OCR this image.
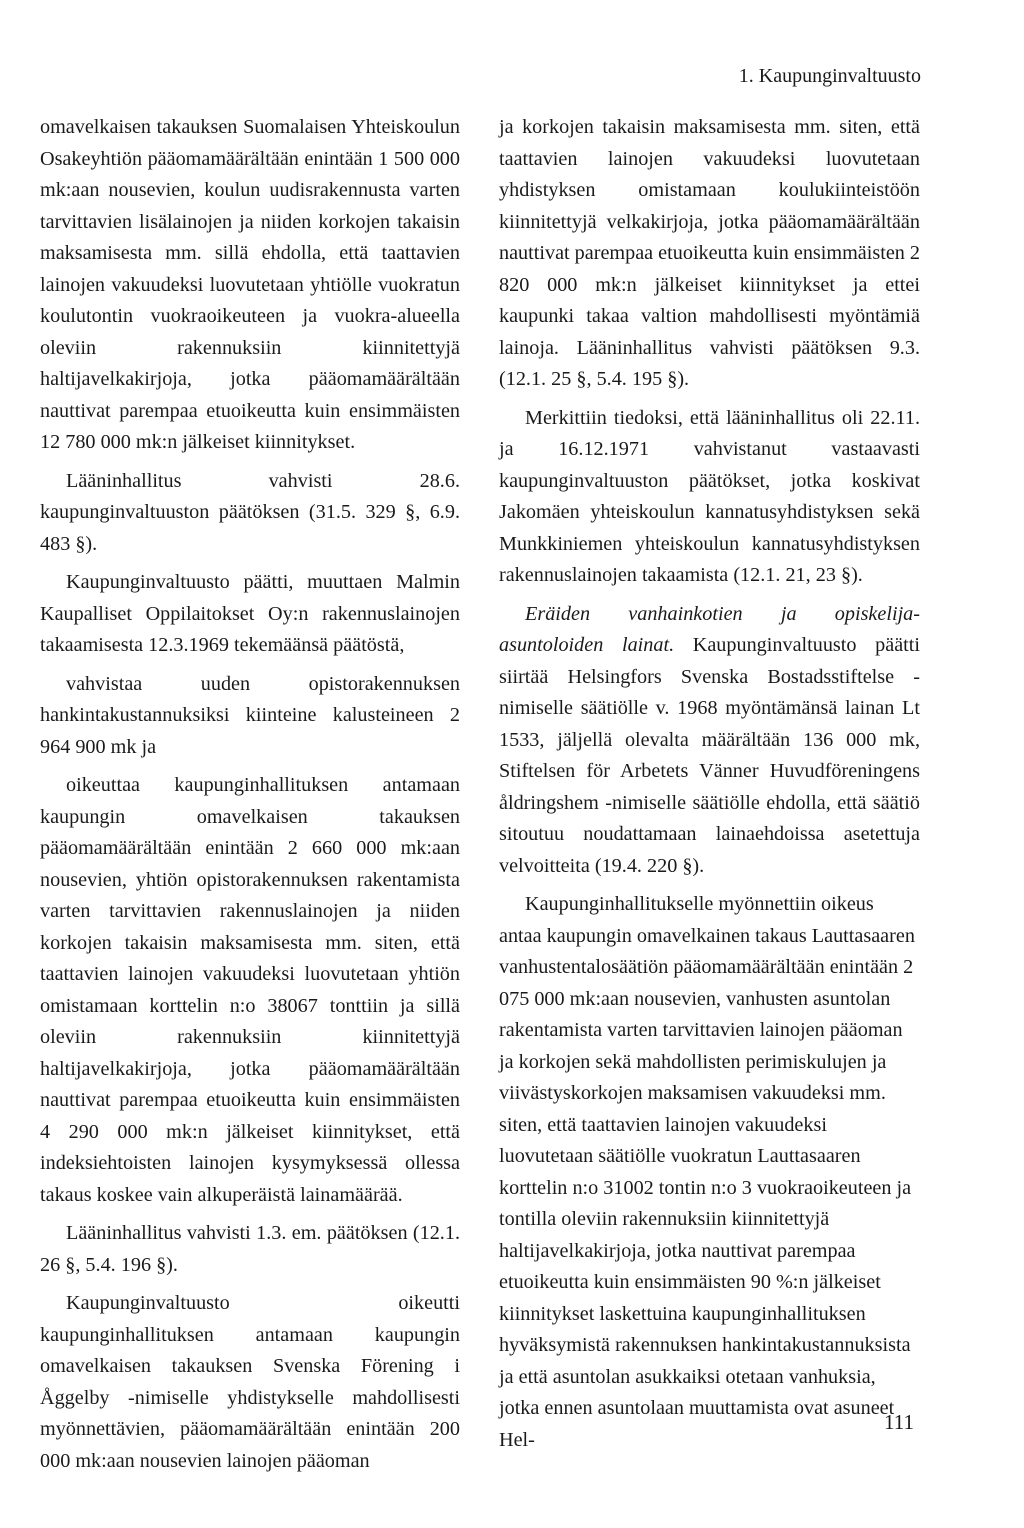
1. Kaupunginvaltuusto

omavelkaisen takauksen Suomalaisen Yhteiskoulun Osakeyhtiön pääomamäärältään enintään 1 500 000 mk:aan nousevien, koulun uudisrakennusta varten tarvittavien lisälainojen ja niiden korkojen takaisin maksamisesta mm. sillä ehdolla, että taattavien lainojen vakuudeksi luovutetaan yhtiölle vuokratun koulutontin vuokraoikeuteen ja vuokra-alueella oleviin rakennuksiin kiinnitettyjä haltijavelkakirjoja, jotka pääomamäärältään nauttivat parempaa etuoikeutta kuin ensimmäisten 12 780 000 mk:n jälkeiset kiinnitykset.

Lääninhallitus vahvisti 28.6. kaupunginvaltuuston päätöksen (31.5. 329 §, 6.9. 483 §).

Kaupunginvaltuusto päätti, muuttaen Malmin Kaupalliset Oppilaitokset Oy:n rakennuslainojen takaamisesta 12.3.1969 tekemäänsä päätöstä,

vahvistaa uuden opistorakennuksen hankintakustannuksiksi kiinteine kalusteineen 2 964 900 mk ja

oikeuttaa kaupunginhallituksen antamaan kaupungin omavelkaisen takauksen pääomamäärältään enintään 2 660 000 mk:aan nousevien, yhtiön opistorakennuksen rakentamista varten tarvittavien rakennuslainojen ja niiden korkojen takaisin maksamisesta mm. siten, että taattavien lainojen vakuudeksi luovutetaan yhtiön omistamaan korttelin n:o 38067 tonttiin ja sillä oleviin rakennuksiin kiinnitettyjä haltijavelkakirjoja, jotka pääomamäärältään nauttivat parempaa etuoikeutta kuin ensimmäisten 4 290 000 mk:n jälkeiset kiinnitykset, että indeksiehtoisten lainojen kysymyksessä ollessa takaus koskee vain alkuperäistä lainamäärää.

Lääninhallitus vahvisti 1.3. em. päätöksen (12.1. 26 §, 5.4. 196 §).

Kaupunginvaltuusto oikeutti kaupunginhallituksen antamaan kaupungin omavelkaisen takauksen Svenska Förening i Åggelby -nimiselle yhdistykselle mahdollisesti myönnettävien, pääomamäärältään enintään 200 000 mk:aan nousevien lainojen pääoman

ja korkojen takaisin maksamisesta mm. siten, että taattavien lainojen vakuudeksi luovutetaan yhdistyksen omistamaan koulukiinteistöön kiinnitettyjä velkakirjoja, jotka pääomamäärältään nauttivat parempaa etuoikeutta kuin ensimmäisten 2 820 000 mk:n jälkeiset kiinnitykset ja ettei kaupunki takaa valtion mahdollisesti myöntämiä lainoja. Lääninhallitus vahvisti päätöksen 9.3. (12.1. 25 §, 5.4. 195 §).

Merkittiin tiedoksi, että lääninhallitus oli 22.11. ja 16.12.1971 vahvistanut vastaavasti kaupunginvaltuuston päätökset, jotka koskivat Jakomäen yhteiskoulun kannatusyhdistyksen sekä Munkkiniemen yhteiskoulun kannatusyhdistyksen rakennuslainojen takaamista (12.1. 21, 23 §).

Eräiden vanhainkotien ja opiskelija-asuntoloiden lainat. Kaupunginvaltuusto päätti siirtää Helsingfors Svenska Bostadsstiftelse -nimiselle säätiölle v. 1968 myöntämänsä lainan Lt 1533, jäljellä olevalta määrältään 136 000 mk, Stiftelsen för Arbetets Vänner Huvudföreningens åldringshem -nimiselle säätiölle ehdolla, että säätiö sitoutuu noudattamaan lainaehdoissa asetettuja velvoitteita (19.4. 220 §).

Kaupunginhallitukselle myönnettiin oikeus antaa kaupungin omavelkainen takaus Lauttasaaren vanhustentalosäätiön pääomamäärältään enintään 2 075 000 mk:aan nousevien, vanhusten asuntolan rakentamista varten tarvittavien lainojen pääoman ja korkojen sekä mahdollisten perimiskulujen ja viivästyskorkojen maksamisen vakuudeksi mm. siten, että taattavien lainojen vakuudeksi luovutetaan säätiölle vuokratun Lauttasaaren korttelin n:o 31002 tontin n:o 3 vuokraoikeuteen ja tontilla oleviin rakennuksiin kiinnitettyjä haltijavelkakirjoja, jotka nauttivat parempaa etuoikeutta kuin ensimmäisten 90 %:n jälkeiset kiinnitykset laskettuina kaupunginhallituksen hyväksymistä rakennuksen hankintakustannuksista ja että asuntolan asukkaiksi otetaan vanhuksia, jotka ennen asuntolaan muuttamista ovat asuneet Hel-

111
